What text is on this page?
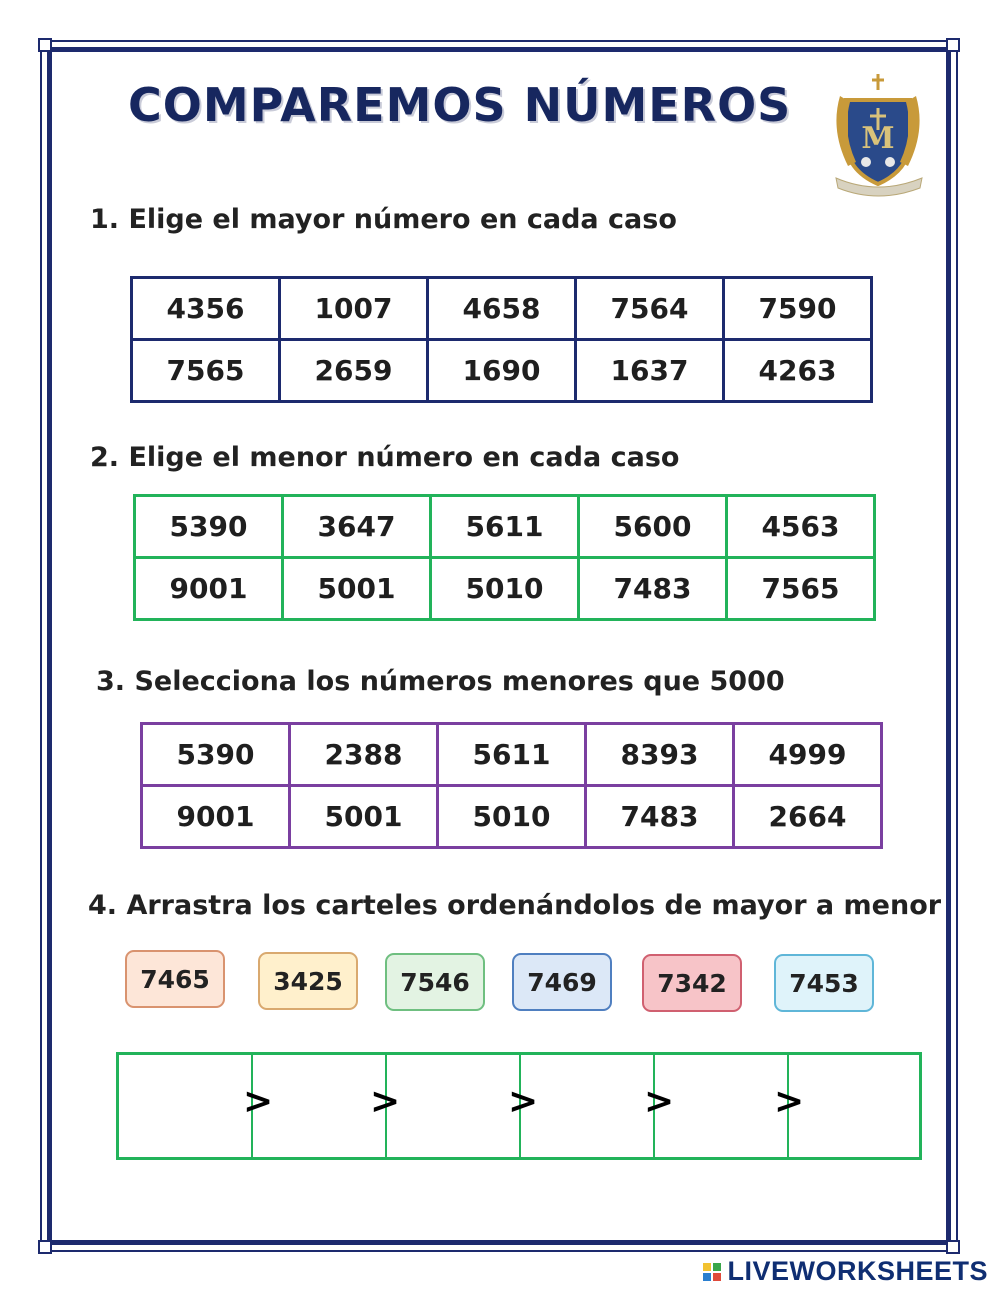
COMPAREMOS NÚMEROS
M
1. Elige el mayor número en cada caso
4356	1007	4658	7564	7590
7565	2659	1690	1637	4263
2. Elige el menor número en cada caso
5390	3647	5611	5600	4563
9001	5001	5010	7483	7565
3. Selecciona los números menores que 5000
5390	2388	5611	8393	4999
9001	5001	5010	7483	2664
4. Arrastra los carteles ordenándolos de mayor a menor
7465	3425	7546	7469	7342	7453
>	>	>	>	>
LIVEWORKSHEETS
